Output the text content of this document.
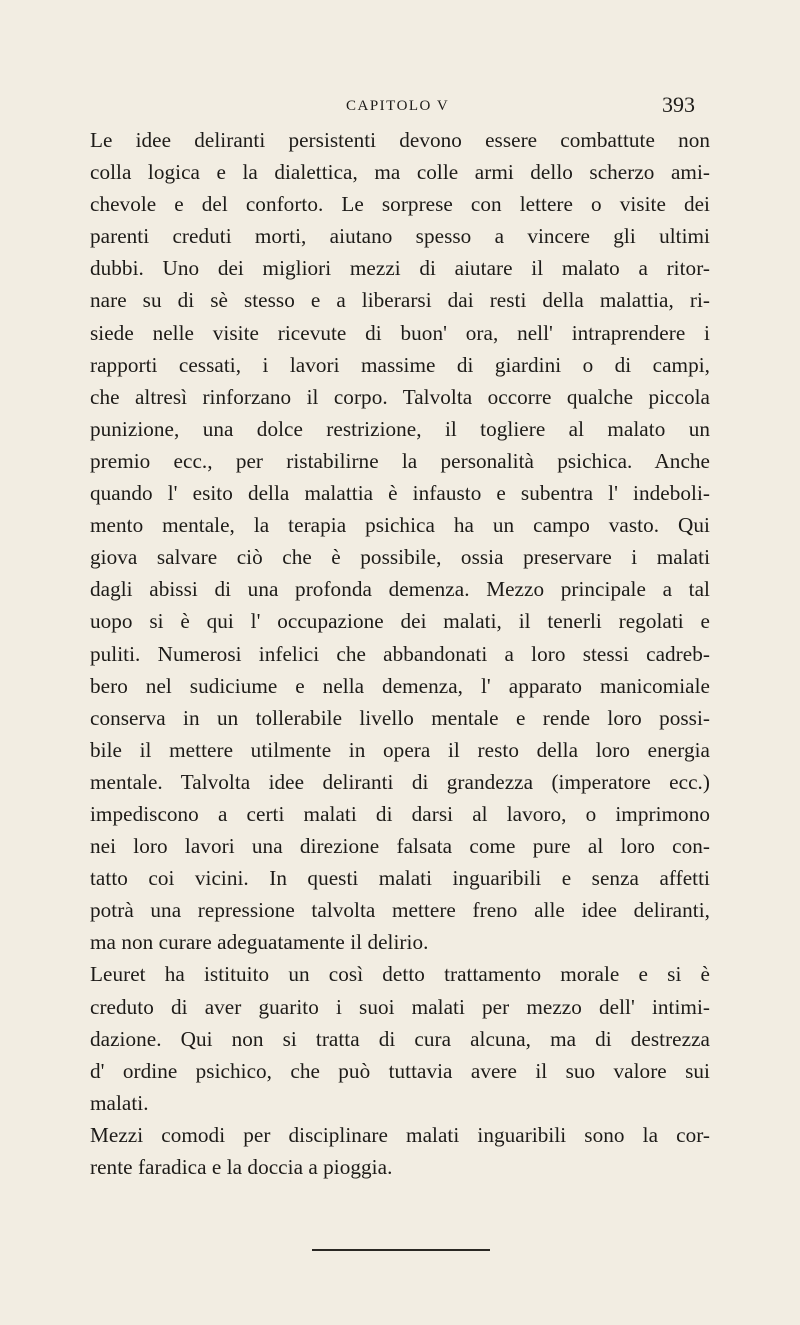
CAPITOLO V	393
Le idee deliranti persistenti devono essere combattute non
colla logica e la dialettica, ma colle armi dello scherzo ami-
chevole e del conforto. Le sorprese con lettere o visite dei
parenti creduti morti, aiutano spesso a vincere gli ultimi
dubbi. Uno dei migliori mezzi di aiutare il malato a ritor-
nare su di sè stesso e a liberarsi dai resti della malattia, ri-
siede nelle visite ricevute di buon' ora, nell' intraprendere i
rapporti cessati, i lavori massime di giardini o di campi,
che altresì rinforzano il corpo. Talvolta occorre qualche piccola
punizione, una dolce restrizione, il togliere al malato un
premio ecc., per ristabilirne la personalità psichica. Anche
quando l' esito della malattia è infausto e subentra l' indeboli-
mento mentale, la terapia psichica ha un campo vasto. Qui
giova salvare ciò che è possibile, ossia preservare i malati
dagli abissi di una profonda demenza. Mezzo principale a tal
uopo si è qui l' occupazione dei malati, il tenerli regolati e
puliti. Numerosi infelici che abbandonati a loro stessi cadreb-
bero nel sudiciume e nella demenza, l' apparato manicomiale
conserva in un tollerabile livello mentale e rende loro possi-
bile il mettere utilmente in opera il resto della loro energia
mentale. Talvolta idee deliranti di grandezza (imperatore ecc.)
impediscono a certi malati di darsi al lavoro, o imprimono
nei loro lavori una direzione falsata come pure al loro con-
tatto coi vicini. In questi malati inguaribili e senza affetti
potrà una repressione talvolta mettere freno alle idee deliranti,
ma non curare adeguatamente il delirio.
Leuret ha istituito un così detto trattamento morale e si è
creduto di aver guarito i suoi malati per mezzo dell' intimi-
dazione. Qui non si tratta di cura alcuna, ma di destrezza
d' ordine psichico, che può tuttavia avere il suo valore sui
malati.
Mezzi comodi per disciplinare malati inguaribili sono la cor-
rente faradica e la doccia a pioggia.
